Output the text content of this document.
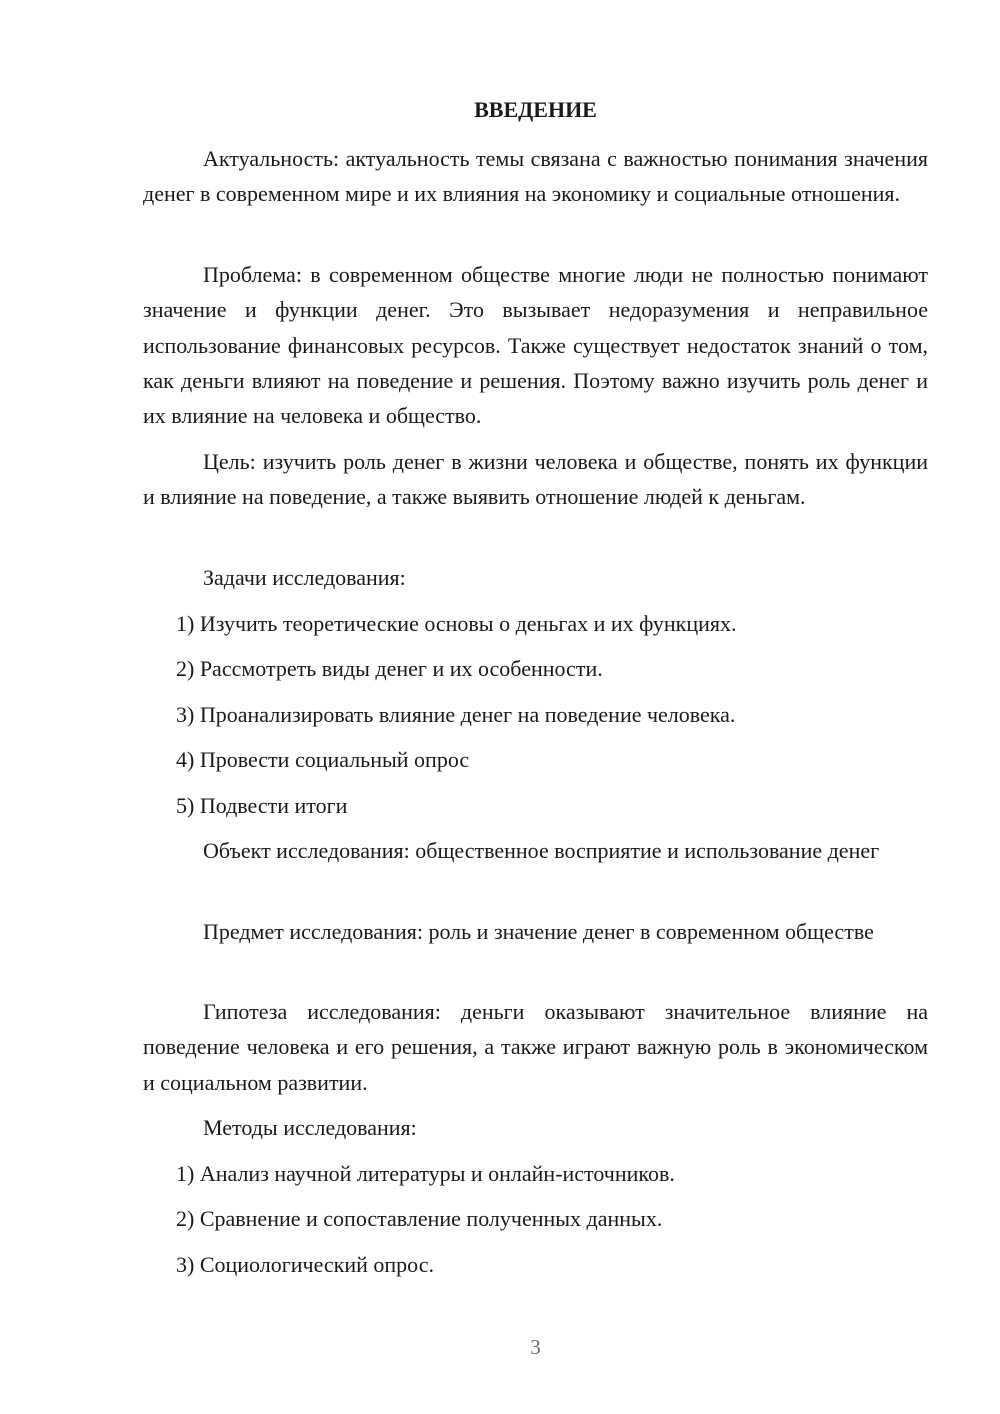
ВВЕДЕНИЕ

Актуальность: актуальность темы связана с важностью понимания значения денег в современном мире и их влияния на экономику и социальные отношения.

Проблема: в современном обществе многие люди не полностью понимают значение и функции денег. Это вызывает недоразумения и неправильное использование финансовых ресурсов. Также существует недостаток знаний о том, как деньги влияют на поведение и решения. Поэтому важно изучить роль денег и их влияние на человека и общество.

Цель: изучить роль денег в жизни человека и обществе, понять их функции и влияние на поведение, а также выявить отношение людей к деньгам.

Задачи исследования:

1) Изучить теоретические основы о деньгах и их функциях.

2) Рассмотреть виды денег и их особенности.

3) Проанализировать влияние денег на поведение человека.

4) Провести социальный опрос

5) Подвести итоги

Объект исследования: общественное восприятие и использование денег

Предмет исследования: роль и значение денег в современном обществе

Гипотеза исследования: деньги оказывают значительное влияние на поведение человека и его решения, а также играют важную роль в экономическом и социальном развитии.

Методы исследования:

1) Анализ научной литературы и онлайн-источников.

2) Сравнение и сопоставление полученных данных.

3) Социологический опрос.

3
